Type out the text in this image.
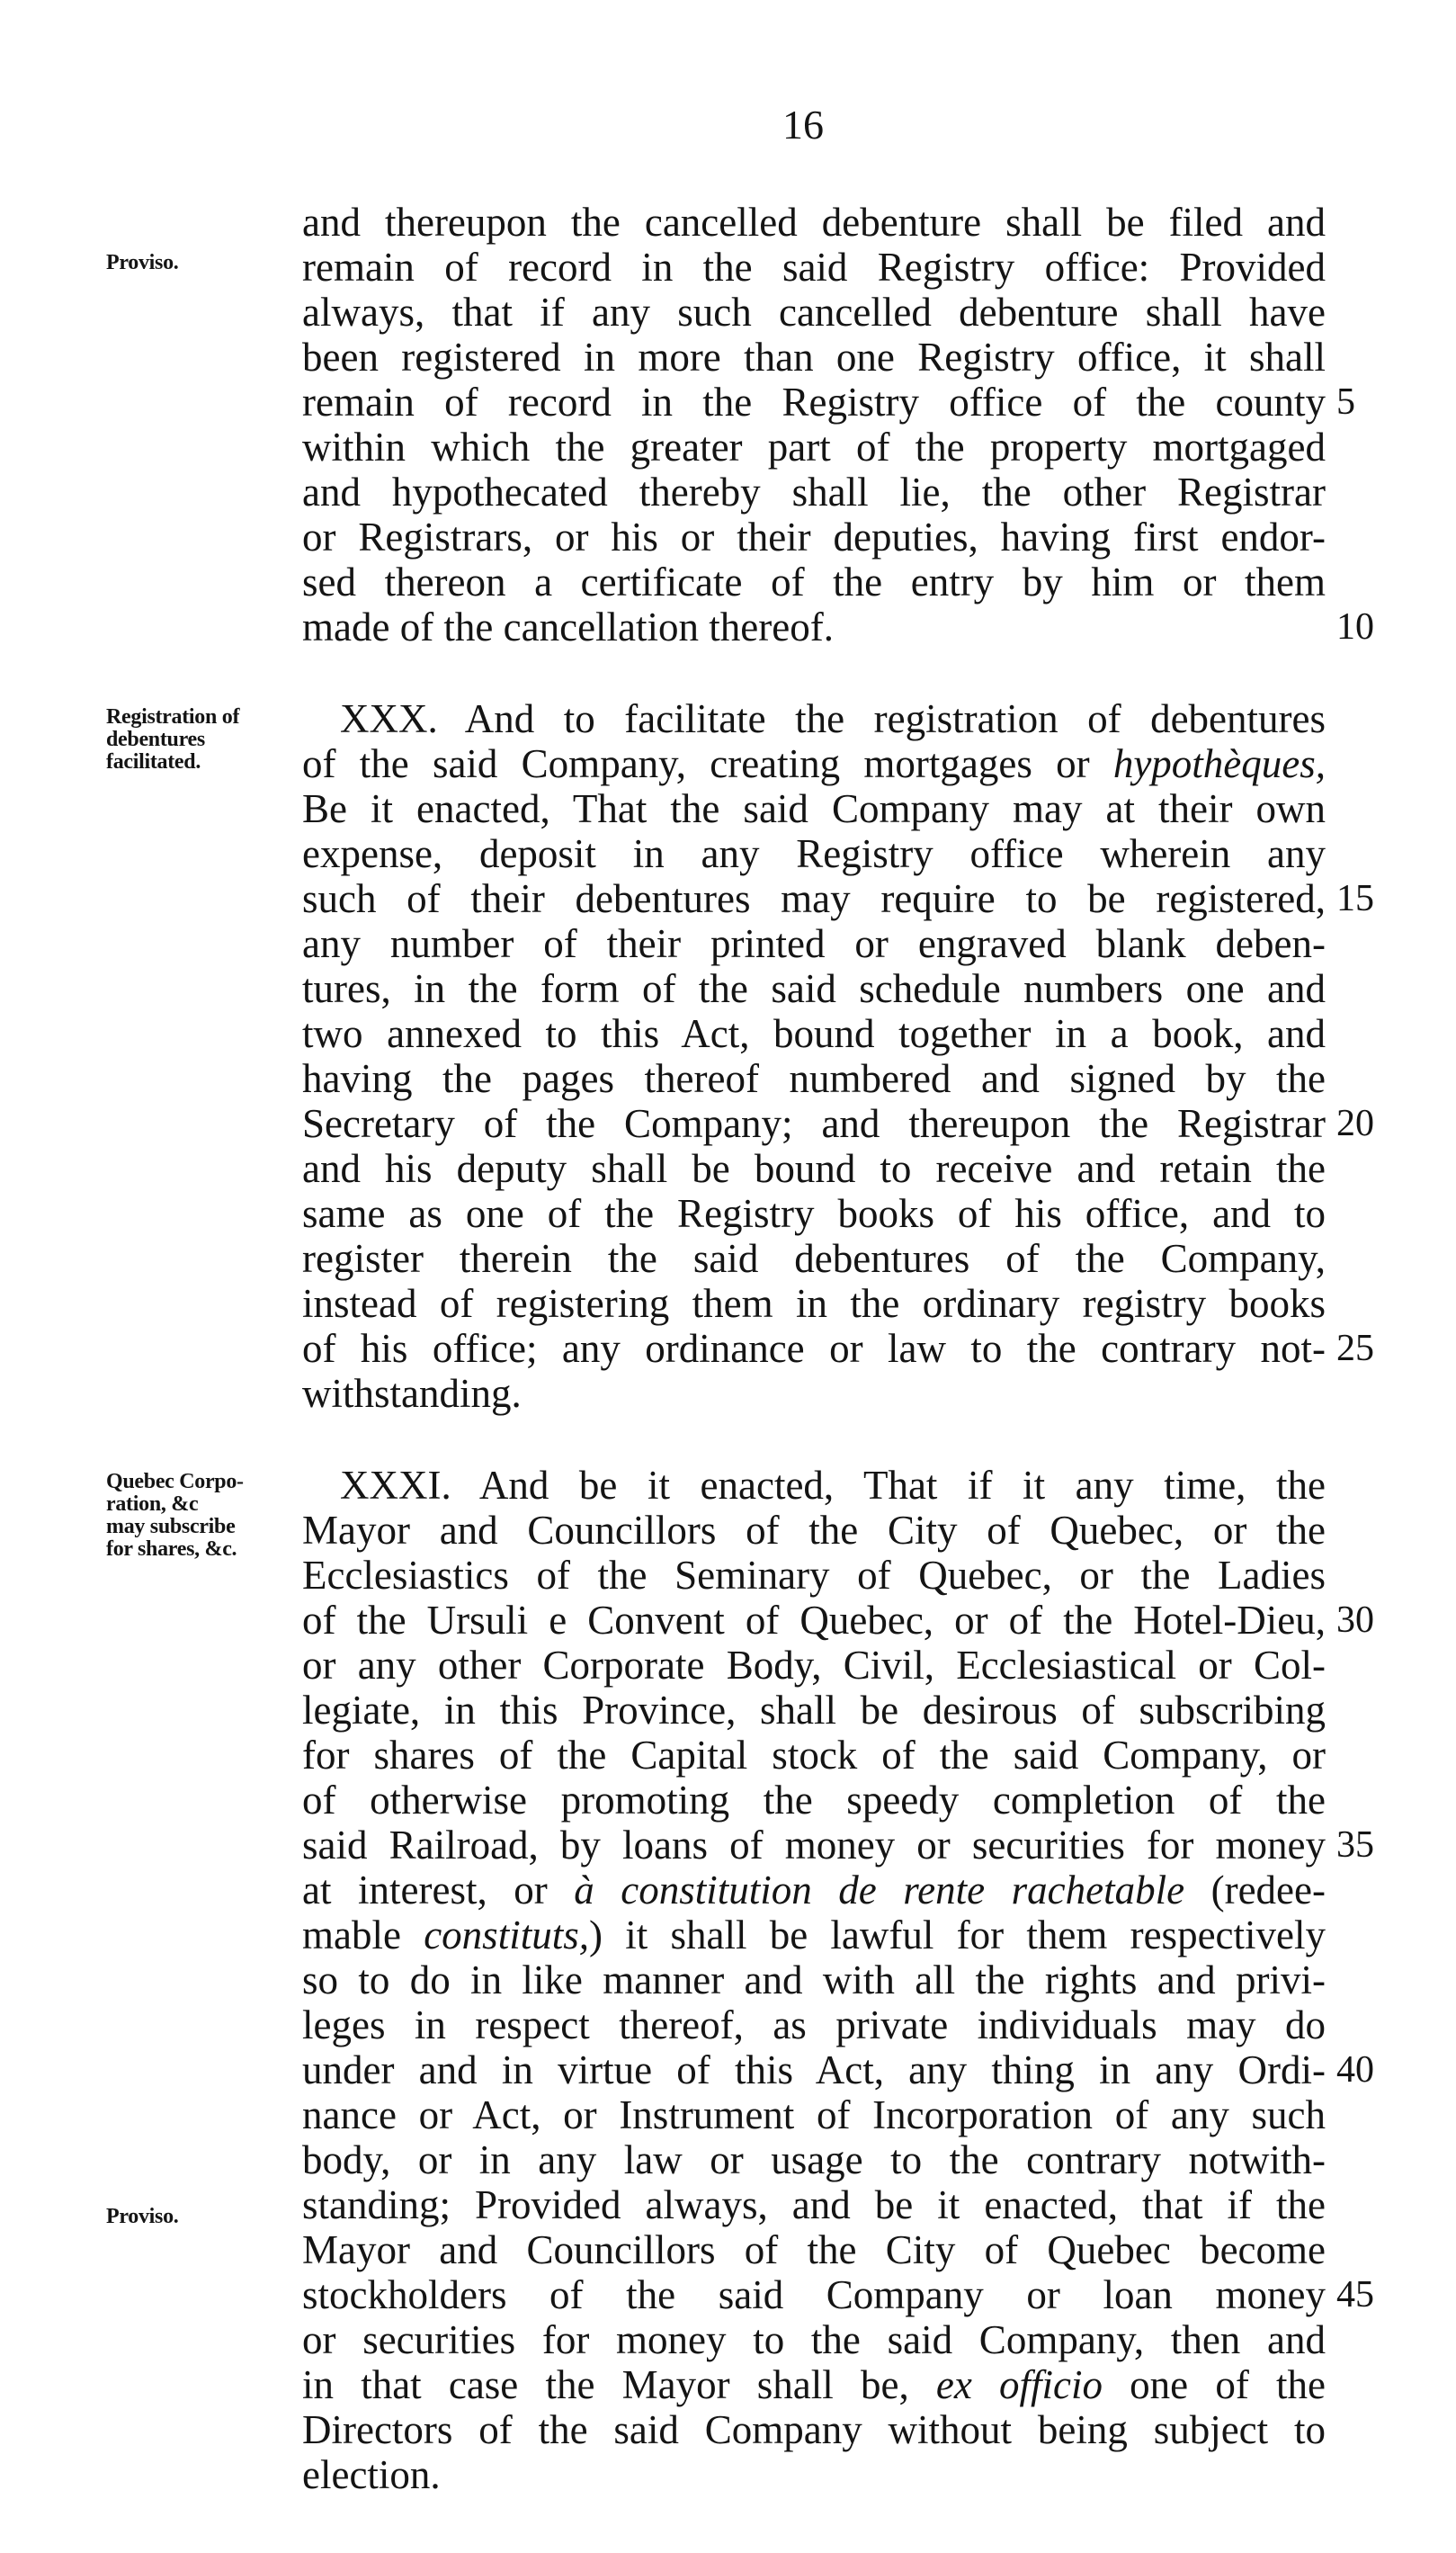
16
Proviso.
Registration of
debentures
facilitated.
Quebec Corpo-
ration, &c
may subscribe
for shares, &c.
Proviso.
and thereupon the cancelled debenture shall be filed and
remain of record in the said Registry office: Provided
always, that if any such cancelled debenture shall have
been registered in more than one Registry office, it shall
remain of record in the Registry office of the county
within which the greater part of the property mortgaged
and hypothecated thereby shall lie, the other Registrar
or Registrars, or his or their deputies, having first endor-
sed thereon a certificate of the entry by him or them
made of the cancellation thereof.
XXX. And to facilitate the registration of debentures
of the said Company, creating mortgages or hypothèques,
Be it enacted, That the said Company may at their own
expense, deposit in any Registry office wherein any
such of their debentures may require to be registered,
any number of their printed or engraved blank deben-
tures, in the form of the said schedule numbers one and
two annexed to this Act, bound together in a book, and
having the pages thereof numbered and signed by the
Secretary of the Company; and thereupon the Registrar
and his deputy shall be bound to receive and retain the
same as one of the Registry books of his office, and to
register therein the said debentures of the Company,
instead of registering them in the ordinary registry books
of his office; any ordinance or law to the contrary not-
withstanding.
XXXI. And be it enacted, That if it any time, the
Mayor and Councillors of the City of Quebec, or the
Ecclesiastics of the Seminary of Quebec, or the Ladies
of the Ursuli e Convent of Quebec, or of the Hotel-Dieu,
or any other Corporate Body, Civil, Ecclesiastical or Col-
legiate, in this Province, shall be desirous of subscribing
for shares of the Capital stock of the said Company, or
of otherwise promoting the speedy completion of the
said Railroad, by loans of money or securities for money
at interest, or à constitution de rente rachetable (redee-
mable constituts,) it shall be lawful for them respectively
so to do in like manner and with all the rights and privi-
leges in respect thereof, as private individuals may do
under and in virtue of this Act, any thing in any Ordi-
nance or Act, or Instrument of Incorporation of any such
body, or in any law or usage to the contrary notwith-
standing; Provided always, and be it enacted, that if the
Mayor and Councillors of the City of Quebec become
stockholders of the said Company or loan money
or securities for money to the said Company, then and
in that case the Mayor shall be, ex officio one of the
Directors of the said Company without being subject to
election.
5
10
15
20
25
30
35
40
45
